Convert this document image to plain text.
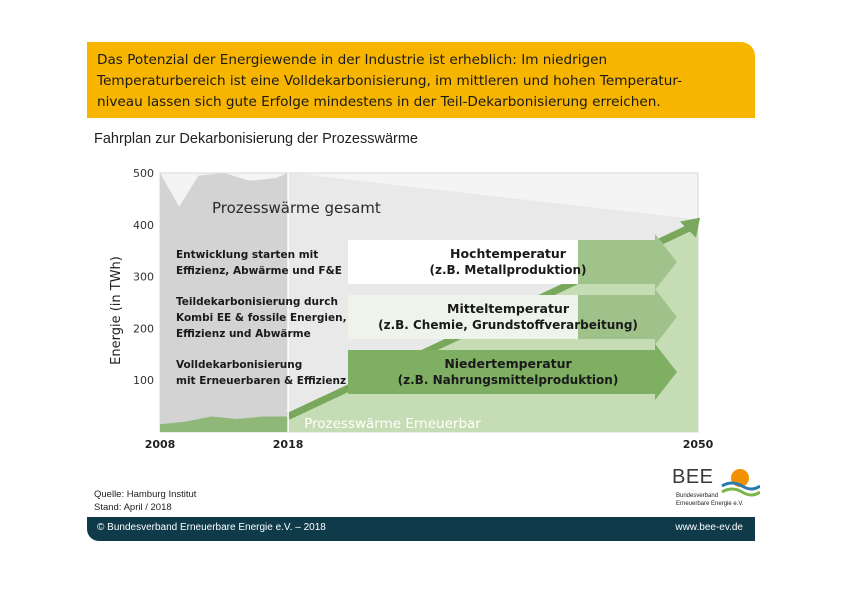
Das Potenzial der Energiewende in der Industrie ist erheblich: Im niedrigen
Temperaturbereich ist eine Volldekarbonisierung, im mittleren und hohen Temperatur-
niveau lassen sich gute Erfolge mindestens in der Teil-Dekarbonisierung erreichen.
Fahrplan zur Dekarbonisierung der Prozesswärme
Prozesswärme gesamt
Prozesswärme Erneuerbar
Hochtemperatur
(z.B. Metallproduktion)
Entwicklung starten mit
Effizienz, Abwärme und F&E
Mitteltemperatur
(z.B. Chemie, Grundstoffverarbeitung)
Teildekarbonisierung durch
Kombi EE & fossile Energien,
Effizienz und Abwärme
Niedertemperatur
(z.B. Nahrungsmittelproduktion)
Volldekarbonisierung
mit Erneuerbaren & Effizienz
100
200
300
400
500
2008	2018	2050
Energie (in TWh)
Quelle: Hamburg Institut
Stand: April / 2018
BEE
Bundesverband
Erneuerbare Energie e.V.
© Bundesverband Erneuerbare Energie e.V. – 2018	www.bee-ev.de
